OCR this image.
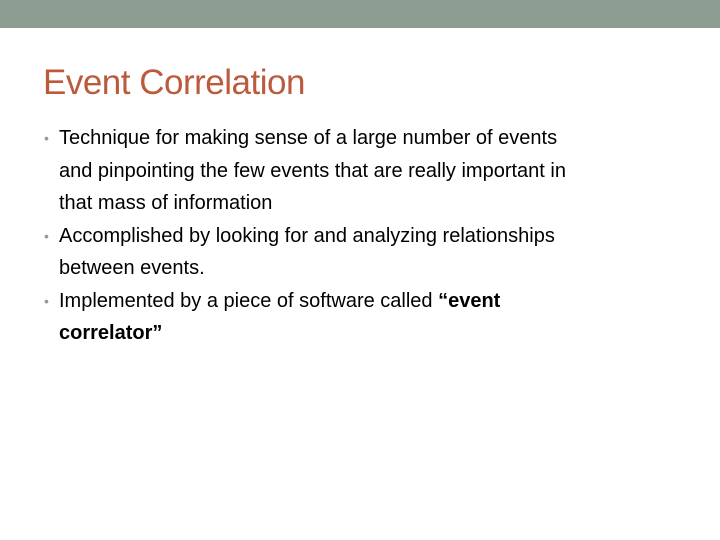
Event Correlation
• Technique for making sense of a large number of events
and pinpointing the few events that are really important in
that mass of information
• Accomplished by looking for and analyzing relationships
between events.
• Implemented by a piece of software called “event
correlator”
